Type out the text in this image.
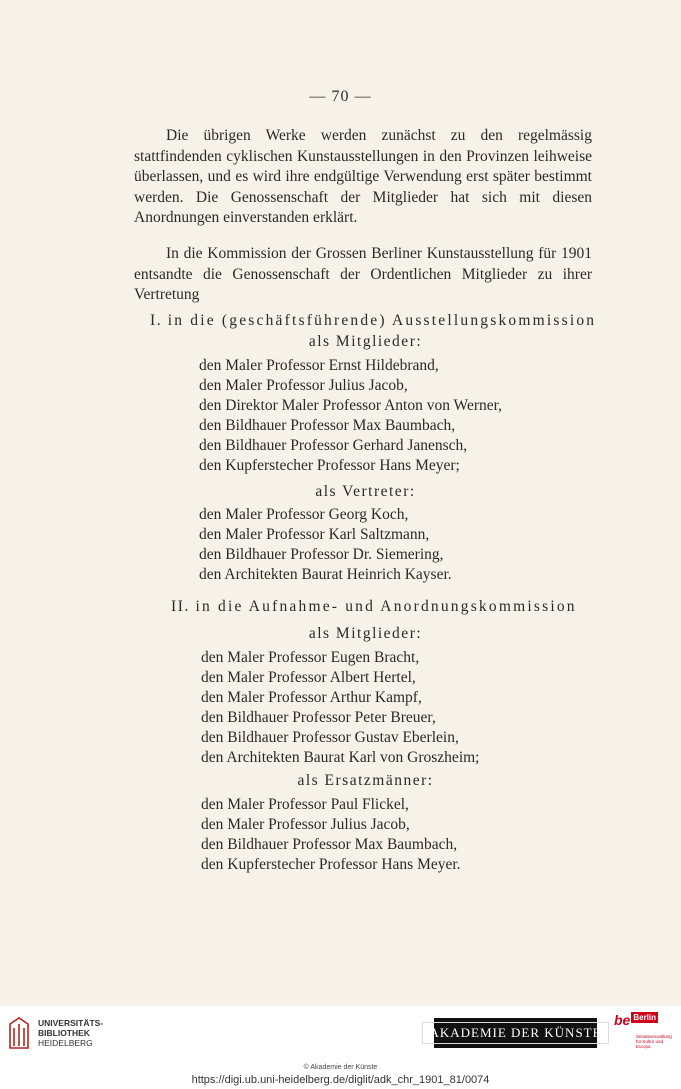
— 70 —

Die übrigen Werke werden zunächst zu den regelmässig stattfindenden cyklischen Kunstausstellungen in den Provinzen leihweise überlassen, und es wird ihre endgültige Verwendung erst später bestimmt werden. Die Genossenschaft der Mitglieder hat sich mit diesen Anordnungen einverstanden erklärt.

In die Kommission der Grossen Berliner Kunstausstellung für 1901 entsandte die Genossenschaft der Ordentlichen Mitglieder zu ihrer Vertretung

I. in die (geschäftsführende) Ausstellungskommission
als Mitglieder:
den Maler Professor Ernst Hildebrand,
den Maler Professor Julius Jacob,
den Direktor Maler Professor Anton von Werner,
den Bildhauer Professor Max Baumbach,
den Bildhauer Professor Gerhard Janensch,
den Kupferstecher Professor Hans Meyer;
als Vertreter:
den Maler Professor Georg Koch,
den Maler Professor Karl Saltzmann,
den Bildhauer Professor Dr. Siemering,
den Architekten Baurat Heinrich Kayser.
II. in die Aufnahme- und Anordnungskommission
als Mitglieder:
den Maler Professor Eugen Bracht,
den Maler Professor Albert Hertel,
den Maler Professor Arthur Kampf,
den Bildhauer Professor Peter Breuer,
den Bildhauer Professor Gustav Eberlein,
den Architekten Baurat Karl von Groszheim;
als Ersatzmänner:
den Maler Professor Paul Flickel,
den Maler Professor Julius Jacob,
den Bildhauer Professor Max Baumbach,
den Kupferstecher Professor Hans Meyer.
UNIVERSITÄTS-
BIBLIOTHEK
HEIDELBERG
AKADEMIE DER KÜNSTE
be Berlin
Senatsverwaltung für Kultur und Europa
© Akademie der Künste
https://digi.ub.uni-heidelberg.de/diglit/adk_chr_1901_81/0074
